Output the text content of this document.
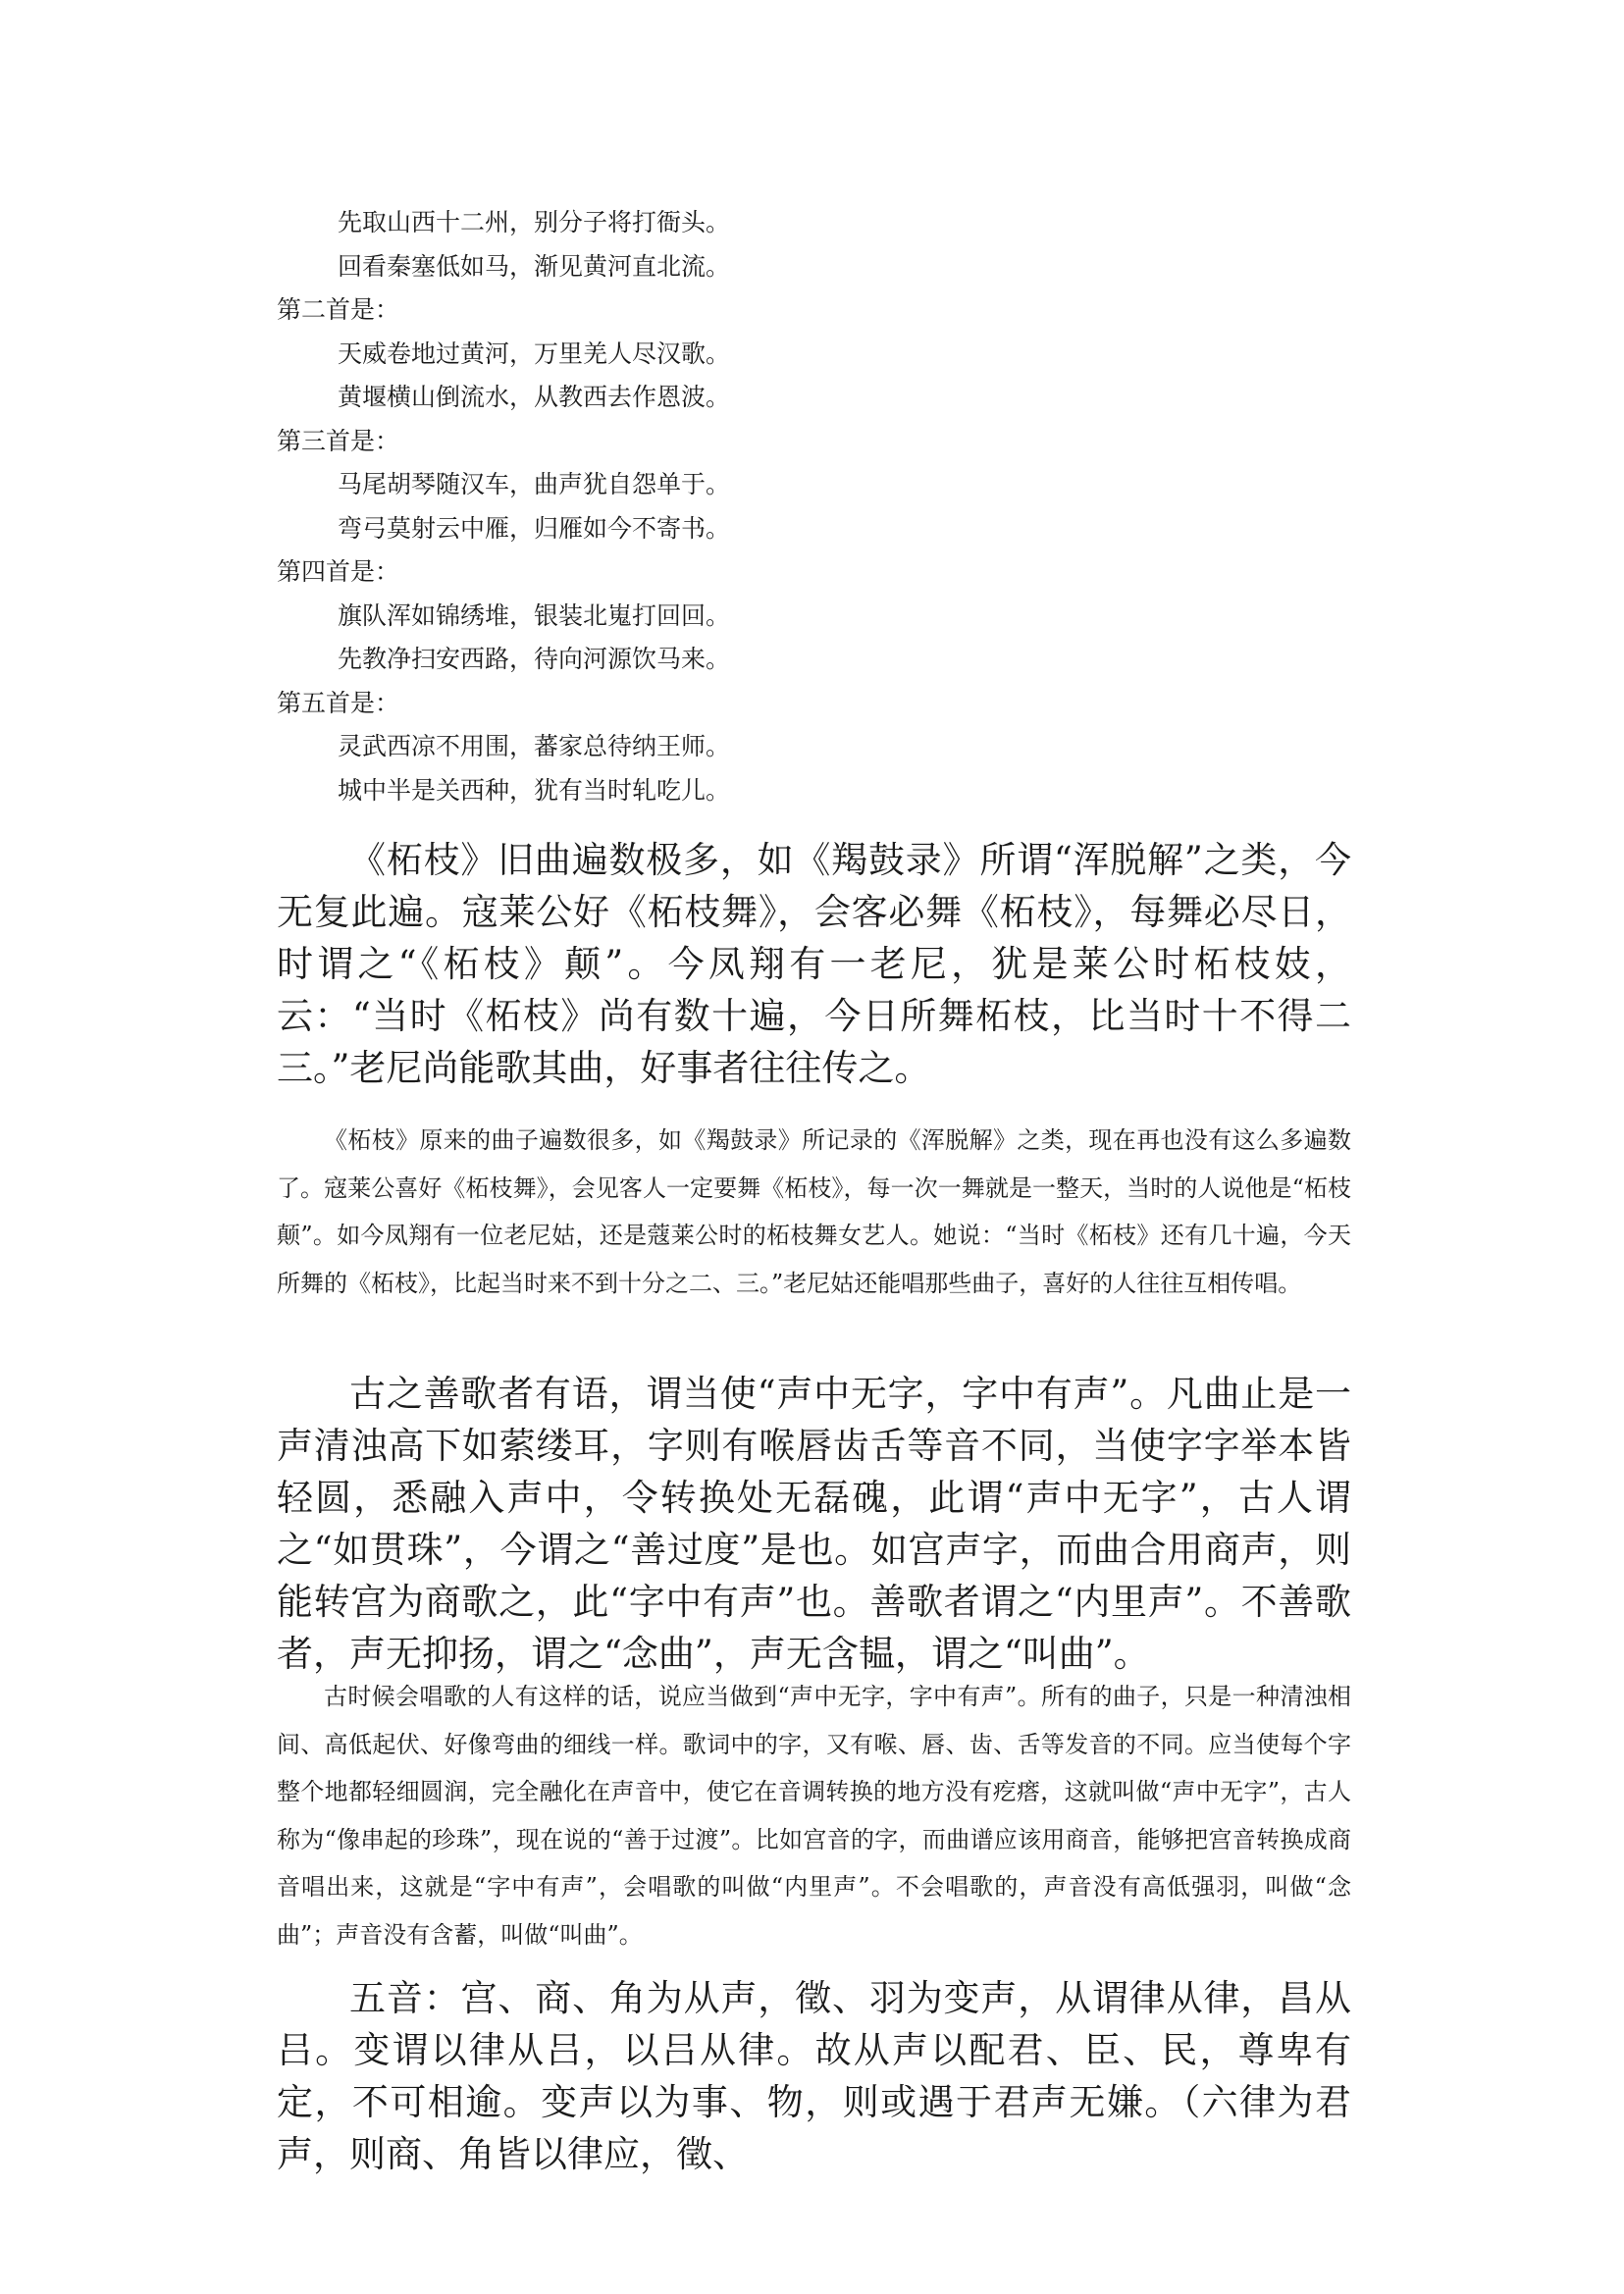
先取山西十二州，别分子将打衙头。
回看秦塞低如马，渐见黄河直北流。
第二首是：
天威卷地过黄河，万里羌人尽汉歌。
黄堰横山倒流水，从教西去作恩波。
第三首是：
马尾胡琴随汉车，曲声犹自怨单于。
弯弓莫射云中雁，归雁如今不寄书。
第四首是：
旗队浑如锦绣堆，银装北嵬打回回。
先教净扫安西路，待向河源饮马来。
第五首是：
灵武西凉不用围，蕃家总待纳王师。
城中半是关西种，犹有当时轧吃儿。

《柘枝》旧曲遍数极多，如《羯鼓录》所谓“浑脱解”之类，今无复此遍。寇莱公好《柘枝舞》，会客必舞《柘枝》，每舞必尽日，时谓之“《柘枝》颠”。今凤翔有一老尼，犹是莱公时柘枝妓，云：“当时《柘枝》尚有数十遍，今日所舞柘枝，比当时十不得二三。”老尼尚能歌其曲，好事者往往传之。

《柘枝》原来的曲子遍数很多，如《羯鼓录》所记录的《浑脱解》之类，现在再也没有这么多遍数了。寇莱公喜好《柘枝舞》，会见客人一定要舞《柘枝》，每一次一舞就是一整天，当时的人说他是“柘枝颠”。如今凤翔有一位老尼姑，还是蔻莱公时的柘枝舞女艺人。她说：“当时《柘枝》还有几十遍，今天所舞的《柘枝》，比起当时来不到十分之二、三。”老尼姑还能唱那些曲子，喜好的人往往互相传唱。

古之善歌者有语，谓当使“声中无字，字中有声”。凡曲止是一声清浊高下如萦缕耳，字则有喉唇齿舌等音不同，当使字字举本皆轻圆，悉融入声中，令转换处无磊磈，此谓“声中无字”，古人谓之“如贯珠”，今谓之“善过度”是也。如宫声字，而曲合用商声，则能转宫为商歌之，此“字中有声”也。善歌者谓之“内里声”。不善歌者，声无抑扬，谓之“念曲”，声无含韫，谓之“叫曲”。

古时候会唱歌的人有这样的话，说应当做到“声中无字，字中有声”。所有的曲子，只是一种清浊相间、高低起伏、好像弯曲的细线一样。歌词中的字，又有喉、唇、齿、舌等发音的不同。应当使每个字整个地都轻细圆润，完全融化在声音中，使它在音调转换的地方没有疙瘩，这就叫做“声中无字”，古人称为“像串起的珍珠”，现在说的“善于过渡”。比如宫音的字，而曲谱应该用商音，能够把宫音转换成商音唱出来，这就是“字中有声”，会唱歌的叫做“内里声”。不会唱歌的，声音没有高低强羽，叫做“念曲”；声音没有含蓄，叫做“叫曲”。

五音：宫、商、角为从声，徵、羽为变声，从谓律从律，昌从吕。变谓以律从吕，以吕从律。故从声以配君、臣、民，尊卑有定，不可相逾。变声以为事、物，则或遇于君声无嫌。（六律为君声，则商、角皆以律应，徵、
